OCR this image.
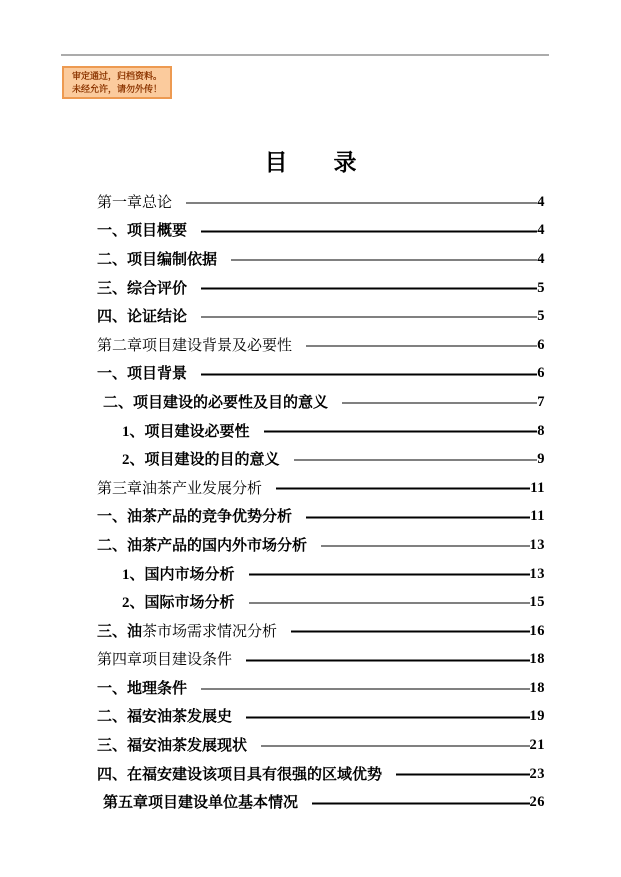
审定通过，归档资料。
未经允许，请勿外传！
目　　录
第一章总论	4
一、项目概要	4
二、项目编制依据	4
三、综合评价	5
四、论证结论	5
第二章项目建设背景及必要性	6
一、项目背景	6
二、项目建设的必要性及目的意义	7
1、项目建设必要性	8
2、项目建设的目的意义	9
第三章油茶产业发展分析	11
一、油茶产品的竞争优势分析	11
二、油茶产品的国内外市场分析	13
1、国内市场分析	13
2、国际市场分析	15
三、油 茶市场需求情况分析	16
第四章项目建设条件	18
一、地理条件	18
二、福安油茶发展史	19
三、福安油茶发展现状	21
四、在福安建设该项目具有很强的区域优势	23
第五章项目建设单位基本情况	26
